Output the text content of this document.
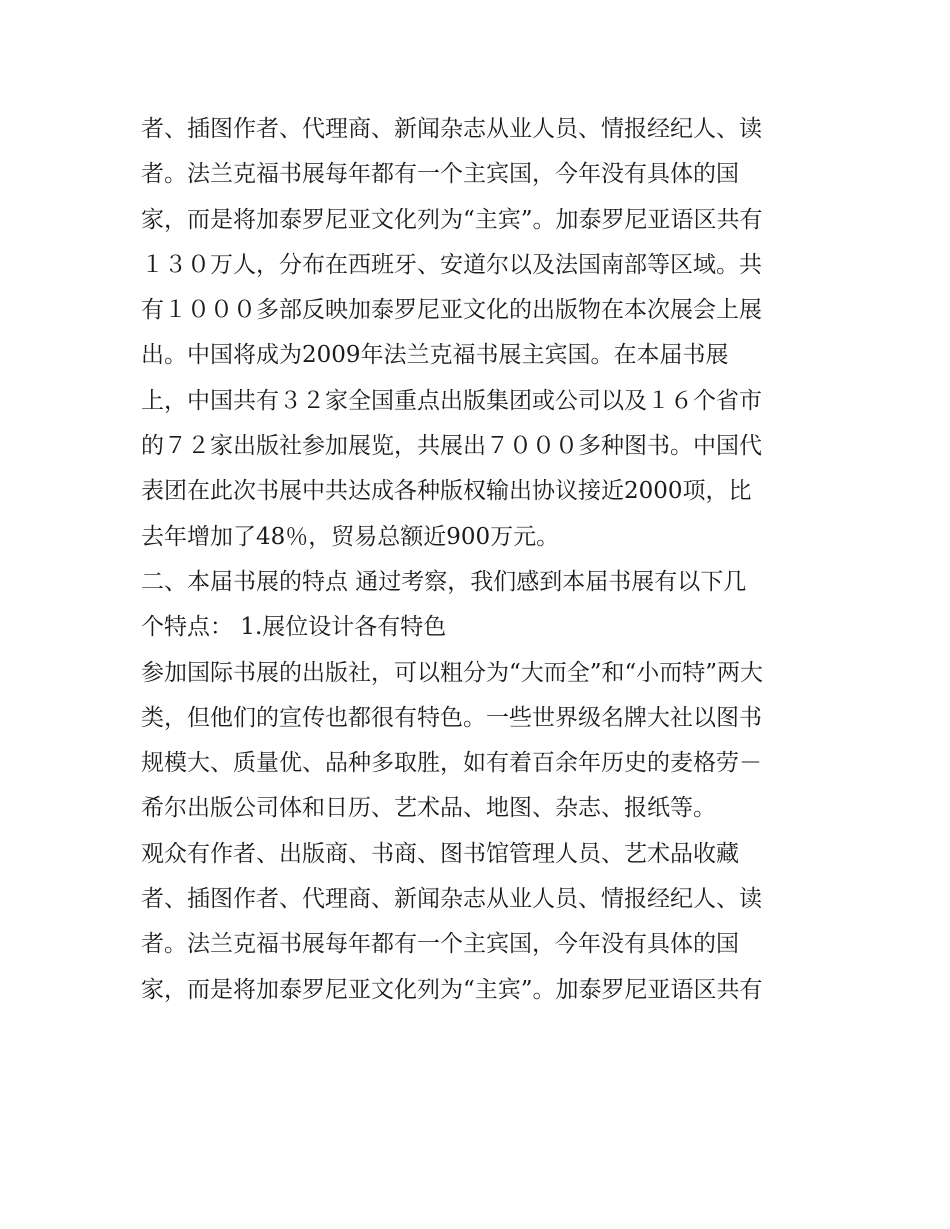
者、插图作者、代理商、新闻杂志从业人员、情报经纪人、读
者。法兰克福书展每年都有一个主宾国，今年没有具体的国
家，而是将加泰罗尼亚文化列为“主宾”。加泰罗尼亚语区共有
１３０万人，分布在西班牙、安道尔以及法国南部等区域。共
有１０００多部反映加泰罗尼亚文化的出版物在本次展会上展
出。中国将成为2009年法兰克福书展主宾国。在本届书展
上，中国共有３２家全国重点出版集团或公司以及１６个省市
的７２家出版社参加展览，共展出７０００多种图书。中国代
表团在此次书展中共达成各种版权输出协议接近2000项，比
去年增加了48％，贸易总额近900万元。
二、本届书展的特点 通过考察，我们感到本届书展有以下几
个特点： 1.展位设计各有特色
参加国际书展的出版社，可以粗分为“大而全”和“小而特”两大
类，但他们的宣传也都很有特色。一些世界级名牌大社以图书
规模大、质量优、品种多取胜，如有着百余年历史的麦格劳－
希尔出版公司体和日历、艺术品、地图、杂志、报纸等。
观众有作者、出版商、书商、图书馆管理人员、艺术品收藏
者、插图作者、代理商、新闻杂志从业人员、情报经纪人、读
者。法兰克福书展每年都有一个主宾国，今年没有具体的国
家，而是将加泰罗尼亚文化列为“主宾”。加泰罗尼亚语区共有
